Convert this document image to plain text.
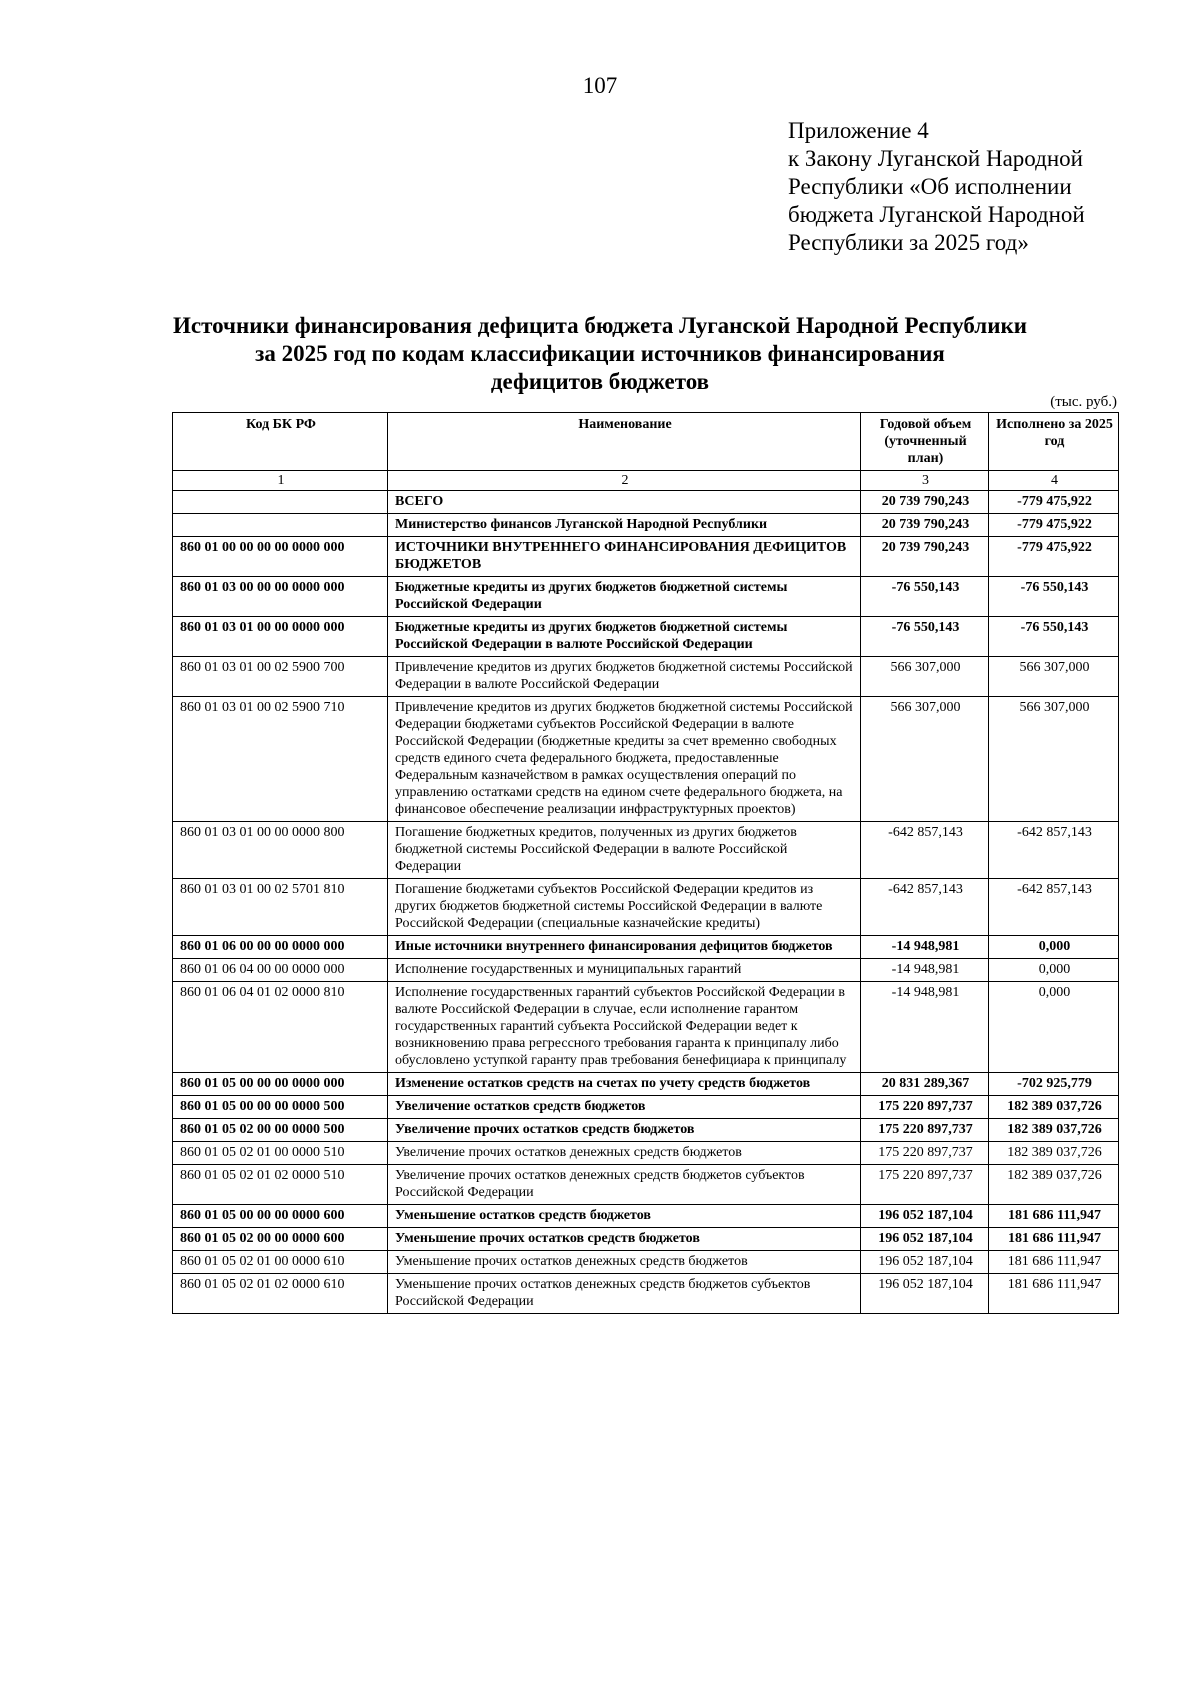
107
Приложение 4
к Закону Луганской Народной
Республики «Об исполнении
бюджета Луганской Народной
Республики за 2025 год»
Источники финансирования дефицита бюджета Луганской Народной Республики
за 2025 год по кодам классификации источников финансирования
дефицитов бюджетов
(тыс. руб.)
Код БК РФ	Наименование	Годовой объем (уточненный план)	Исполнено за 2025 год
1	2	3	4
	ВСЕГО	20 739 790,243	-779 475,922
	Министерство финансов Луганской Народной Республики	20 739 790,243	-779 475,922
860 01 00 00 00 00 0000 000	ИСТОЧНИКИ ВНУТРЕННЕГО ФИНАНСИРОВАНИЯ ДЕФИЦИТОВ БЮДЖЕТОВ	20 739 790,243	-779 475,922
860 01 03 00 00 00 0000 000	Бюджетные кредиты из других бюджетов бюджетной системы Российской Федерации	-76 550,143	-76 550,143
860 01 03 01 00 00 0000 000	Бюджетные кредиты из других бюджетов бюджетной системы Российской Федерации в валюте Российской Федерации	-76 550,143	-76 550,143
860 01 03 01 00 02 5900 700	Привлечение кредитов из других бюджетов бюджетной системы Российской Федерации в валюте Российской Федерации	566 307,000	566 307,000
860 01 03 01 00 02 5900 710	Привлечение кредитов из других бюджетов бюджетной системы Российской Федерации бюджетами субъектов Российской Федерации в валюте Российской Федерации (бюджетные кредиты за счет временно свободных средств единого счета федерального бюджета, предоставленные Федеральным казначейством в рамках осуществления операций по управлению остатками средств на едином счете федерального бюджета, на финансовое обеспечение реализации инфраструктурных проектов)	566 307,000	566 307,000
860 01 03 01 00 00 0000 800	Погашение бюджетных кредитов, полученных из других бюджетов бюджетной системы Российской Федерации в валюте Российской Федерации	-642 857,143	-642 857,143
860 01 03 01 00 02 5701 810	Погашение бюджетами субъектов Российской Федерации кредитов из других бюджетов бюджетной системы Российской Федерации в валюте Российской Федерации (специальные казначейские кредиты)	-642 857,143	-642 857,143
860 01 06 00 00 00 0000 000	Иные источники внутреннего финансирования дефицитов бюджетов	-14 948,981	0,000
860 01 06 04 00 00 0000 000	Исполнение государственных и муниципальных гарантий	-14 948,981	0,000
860 01 06 04 01 02 0000 810	Исполнение государственных гарантий субъектов Российской Федерации в валюте Российской Федерации в случае, если исполнение гарантом государственных гарантий субъекта Российской Федерации ведет к возникновению права регрессного требования гаранта к принципалу либо обусловлено уступкой гаранту прав требования бенефициара к принципалу	-14 948,981	0,000
860 01 05 00 00 00 0000 000	Изменение остатков средств на счетах по учету средств бюджетов	20 831 289,367	-702 925,779
860 01 05 00 00 00 0000 500	Увеличение остатков средств бюджетов	175 220 897,737	182 389 037,726
860 01 05 02 00 00 0000 500	Увеличение прочих остатков средств бюджетов	175 220 897,737	182 389 037,726
860 01 05 02 01 00 0000 510	Увеличение прочих остатков денежных средств бюджетов	175 220 897,737	182 389 037,726
860 01 05 02 01 02 0000 510	Увеличение прочих остатков денежных средств бюджетов субъектов Российской Федерации	175 220 897,737	182 389 037,726
860 01 05 00 00 00 0000 600	Уменьшение остатков средств бюджетов	196 052 187,104	181 686 111,947
860 01 05 02 00 00 0000 600	Уменьшение прочих остатков средств бюджетов	196 052 187,104	181 686 111,947
860 01 05 02 01 00 0000 610	Уменьшение прочих остатков денежных средств бюджетов	196 052 187,104	181 686 111,947
860 01 05 02 01 02 0000 610	Уменьшение прочих остатков денежных средств бюджетов субъектов Российской Федерации	196 052 187,104	181 686 111,947
